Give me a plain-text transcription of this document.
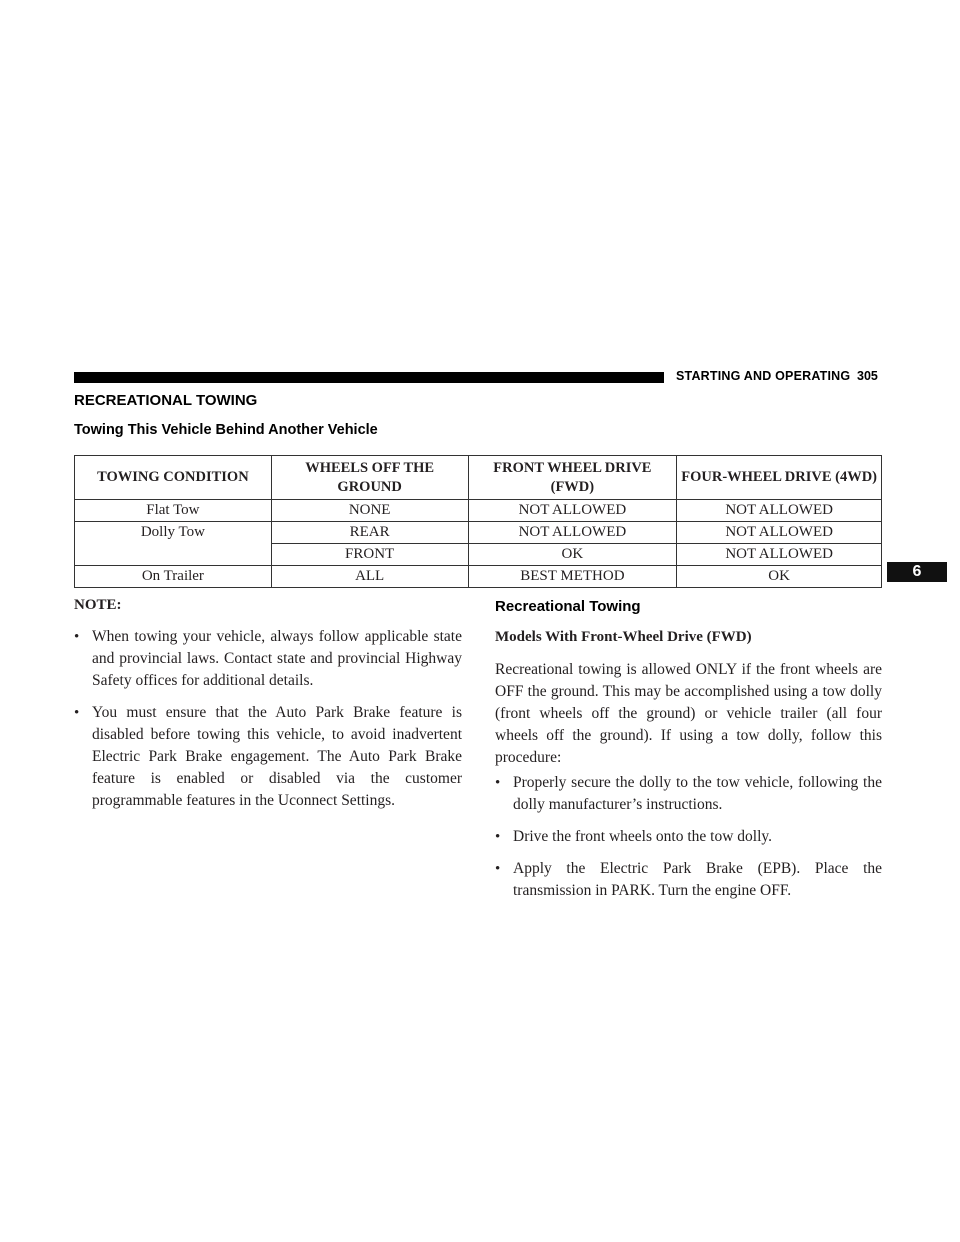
STARTING AND OPERATING 305
6
RECREATIONAL TOWING
Towing This Vehicle Behind Another Vehicle
TOWING CONDITION	WHEELS OFF THE GROUND	FRONT WHEEL DRIVE (FWD)	FOUR-WHEEL DRIVE (4WD)
Flat Tow	NONE	NOT ALLOWED	NOT ALLOWED
Dolly Tow	REAR	NOT ALLOWED	NOT ALLOWED
	FRONT	OK	NOT ALLOWED
On Trailer	ALL	BEST METHOD	OK
NOTE:
• When towing your vehicle, always follow applicable state and provincial laws. Contact state and provincial Highway Safety offices for additional details.
• You must ensure that the Auto Park Brake feature is disabled before towing this vehicle, to avoid inadvertent Electric Park Brake engagement. The Auto Park Brake feature is enabled or disabled via the customer programmable features in the Uconnect Settings.
Recreational Towing
Models With Front-Wheel Drive (FWD)

Recreational towing is allowed ONLY if the front wheels are OFF the ground. This may be accomplished using a tow dolly (front wheels off the ground) or vehicle trailer (all four wheels off the ground). If using a tow dolly, follow this procedure:

• Properly secure the dolly to the tow vehicle, following the dolly manufacturer’s instructions.
• Drive the front wheels onto the tow dolly.
• Apply the Electric Park Brake (EPB). Place the transmission in PARK. Turn the engine OFF.
